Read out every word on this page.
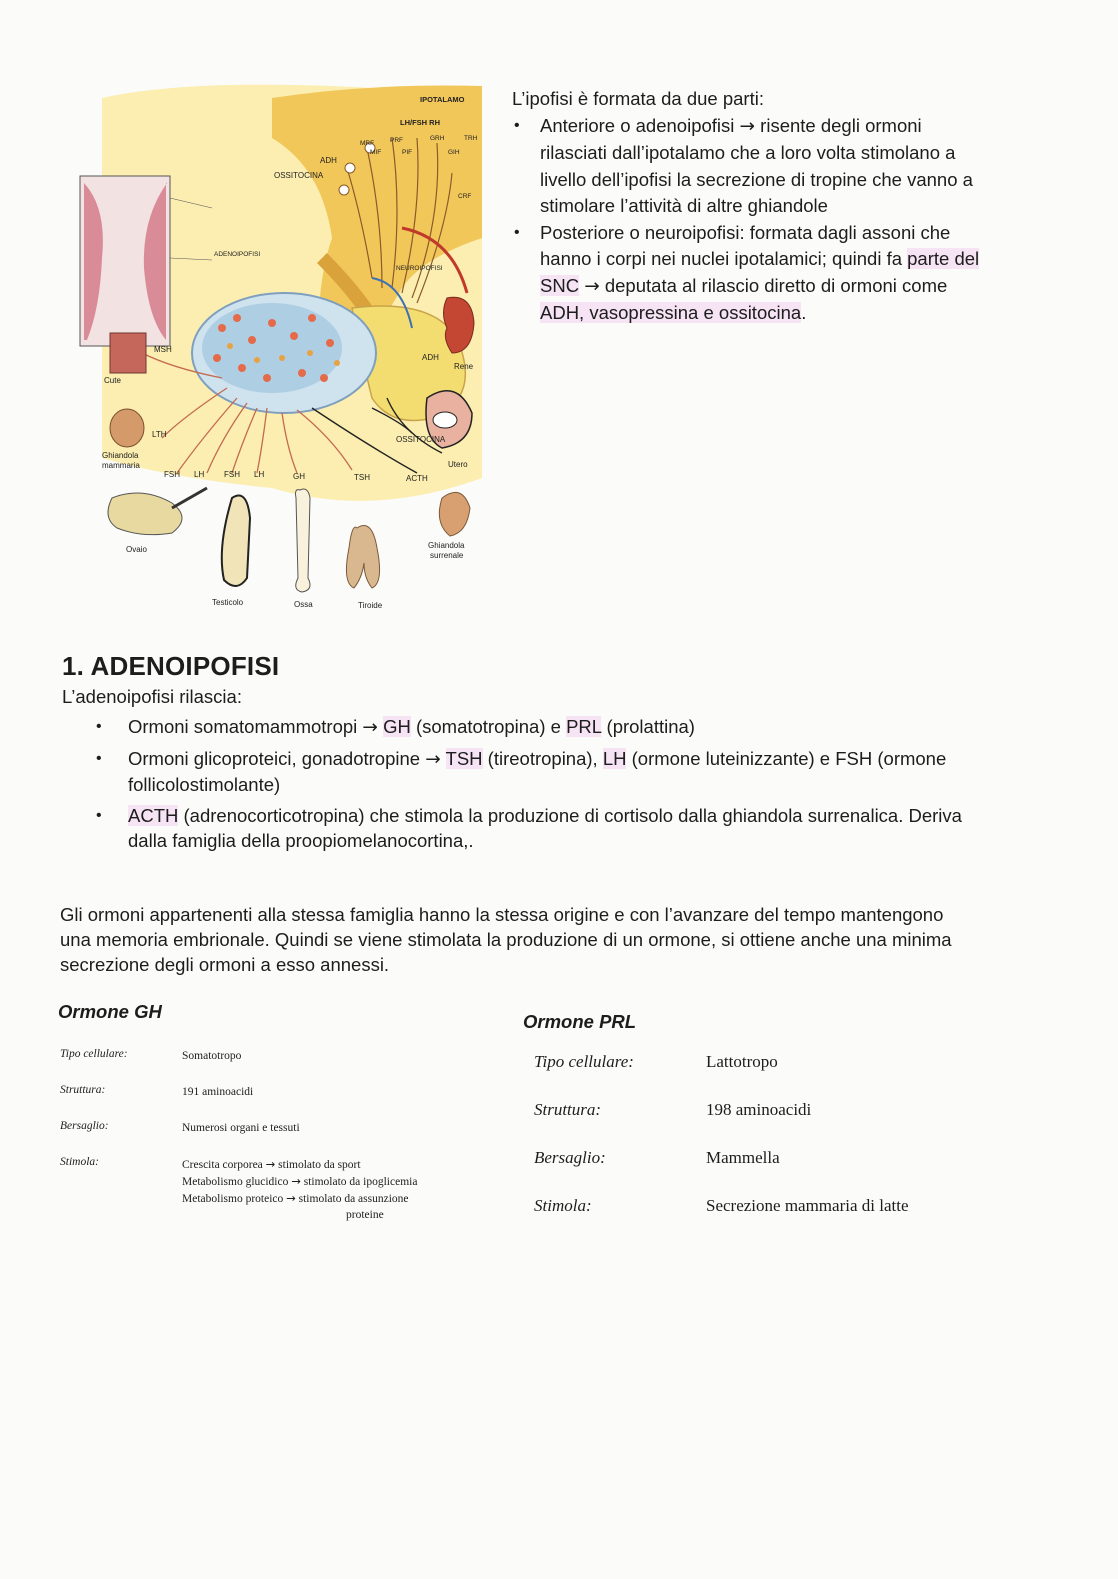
IPOTALAMO
LH/FSH RH
MRF PRF	GRH	TRH
MIF	PIF	GIH
CRF
ADENOIPOFISI
NEUROIPOFISI
ADH
OSSITOCINA
MSH
Cute
ADH
Rene
LTH
Ghiandola
mammaria
OSSITOCINA
Utero
FSH LH FSH LH	GH	TSH	ACTH
Ovaio	Ghiandola
surrenale
Testicolo	Ossa	Tiroide
L’ipofisi è formata da due parti:
• Anteriore o adenoipofisi → risente degli ormoni rilasciati dall’ipotalamo che a loro volta stimolano a livello dell’ipofisi la secrezione di tropine che vanno a stimolare l’attività di altre ghiandole
• Posteriore o neuroipofisi: formata dagli assoni che hanno i corpi nei nuclei ipotalamici; quindi fa parte del SNC → deputata al rilascio diretto di ormoni come ADH, vasopressina e ossitocina.
1. ADENOIPOFISI
L’adenoipofisi rilascia:
• Ormoni somatomammotropi → GH (somatotropina) e PRL (prolattina)
• Ormoni glicoproteici, gonadotropine → TSH (tireotropina), LH (ormone luteinizzante) e FSH (ormone follicolostimolante)
• ACTH (adrenocorticotropina) che stimola la produzione di cortisolo dalla ghiandola surrenalica. Deriva dalla famiglia della proopiomelanocortina,.
Gli ormoni appartenenti alla stessa famiglia hanno la stessa origine e con l’avanzare del tempo mantengono una memoria embrionale. Quindi se viene stimolata la produzione di un ormone, si ottiene anche una minima secrezione degli ormoni a esso annessi.
Ormone GH
Tipo cellulare:	Somatotropo
Struttura:	191 aminoacidi
Bersaglio:	Numerosi organi e tessuti
Stimola:	Crescita corporea → stimolato da sport
Metabolismo glucidico → stimolato da ipoglicemia
Metabolismo proteico → stimolato da assunzione
proteine
Ormone PRL
Tipo cellulare:	Lattotropo
Struttura:	198 aminoacidi
Bersaglio:	Mammella
Stimola:	Secrezione mammaria di latte
